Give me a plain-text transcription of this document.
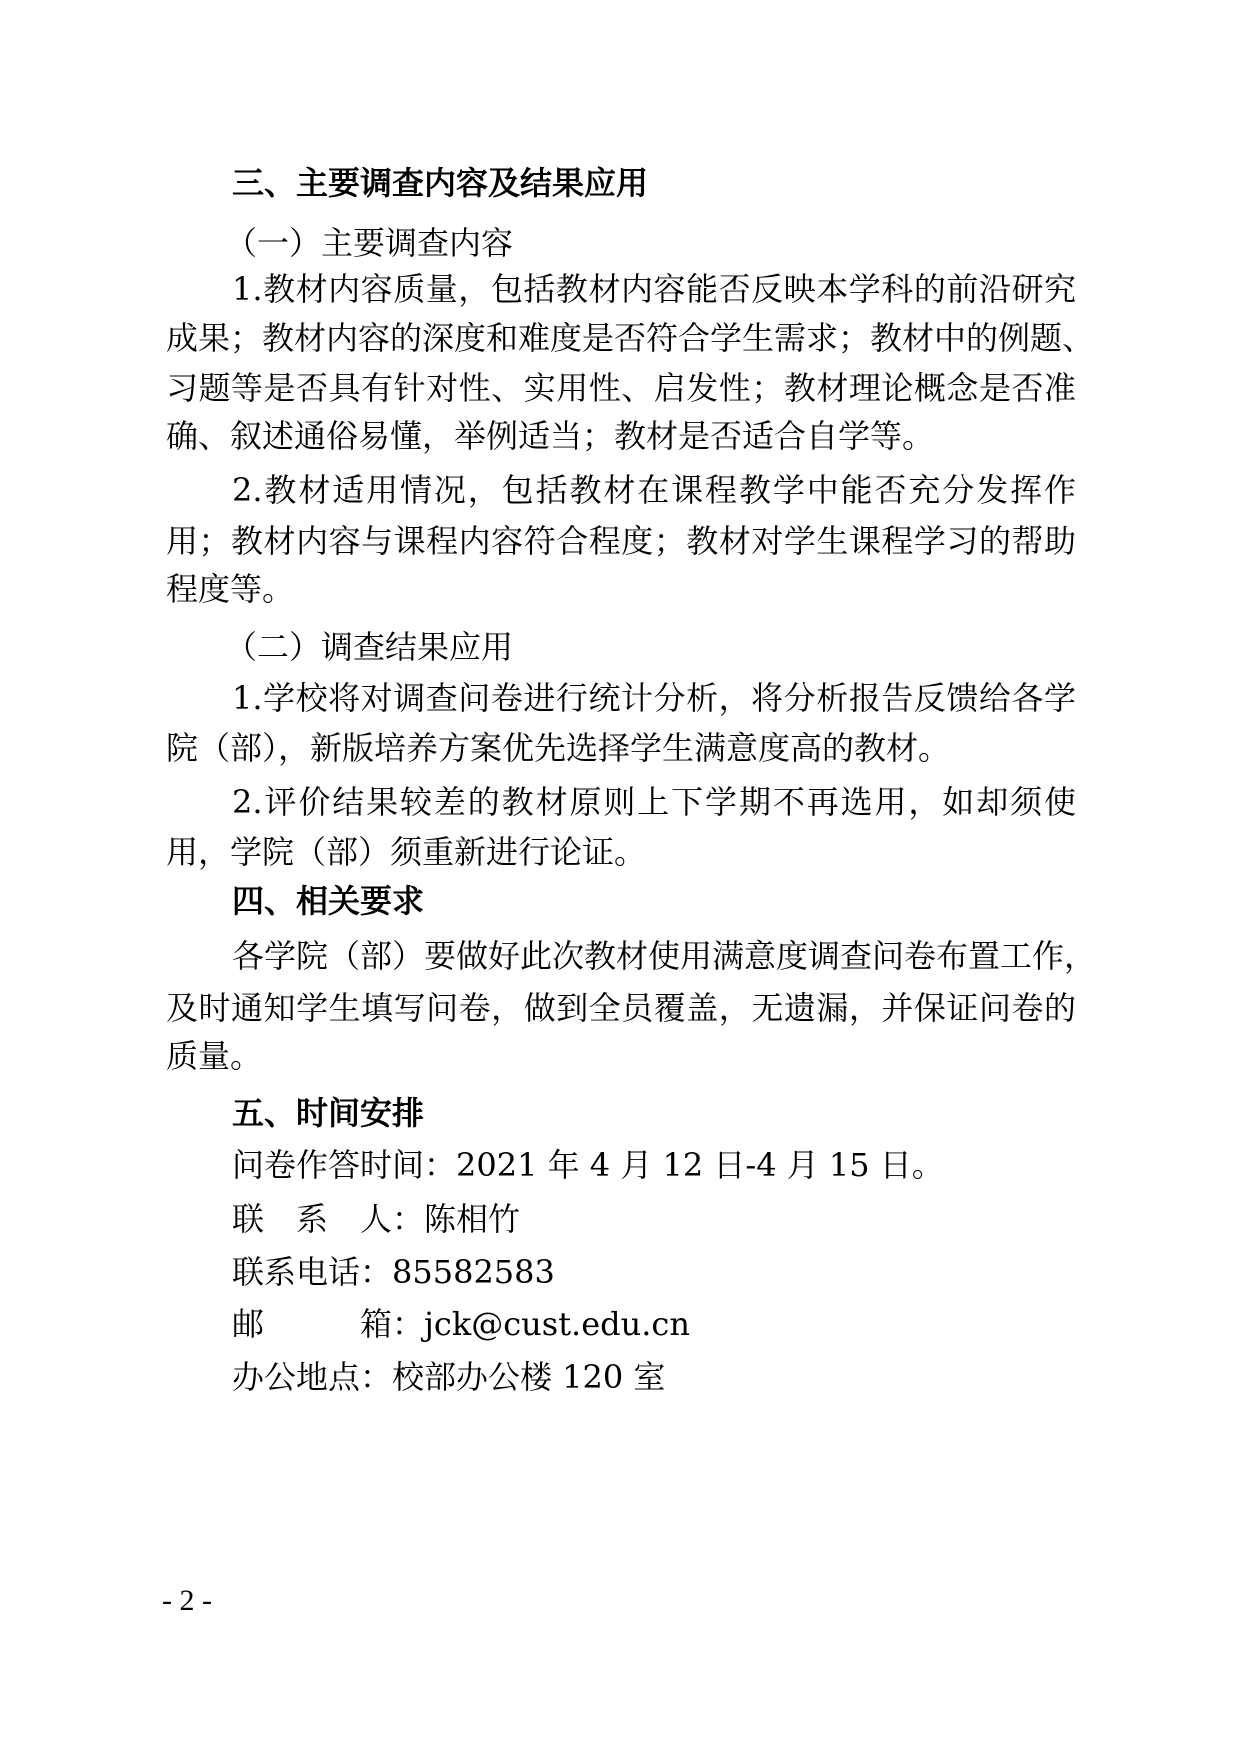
三、主要调查内容及结果应用

（一）主要调查内容

1.教材内容质量，包括教材内容能否反映本学科的前沿研究

成果；教材内容的深度和难度是否符合学生需求；教材中的例题、

习题等是否具有针对性、实用性、启发性；教材理论概念是否准

确、叙述通俗易懂，举例适当；教材是否适合自学等。

2.教材适用情况，包括教材在课程教学中能否充分发挥作

用；教材内容与课程内容符合程度；教材对学生课程学习的帮助

程度等。

（二）调查结果应用

1.学校将对调查问卷进行统计分析，将分析报告反馈给各学

院（部），新版培养方案优先选择学生满意度高的教材。

2.评价结果较差的教材原则上下学期不再选用，如却须使

用，学院（部）须重新进行论证。

四、相关要求

各学院（部）要做好此次教材使用满意度调查问卷布置工作，

及时通知学生填写问卷，做到全员覆盖，无遗漏，并保证问卷的

质量。

五、时间安排

问卷作答时间：2021 年 4 月 12 日-4 月 15 日。

联　系　人：陈相竹

联系电话：85582583

邮　　　箱：jck@cust.edu.cn

办公地点：校部办公楼 120 室

- 2 -
